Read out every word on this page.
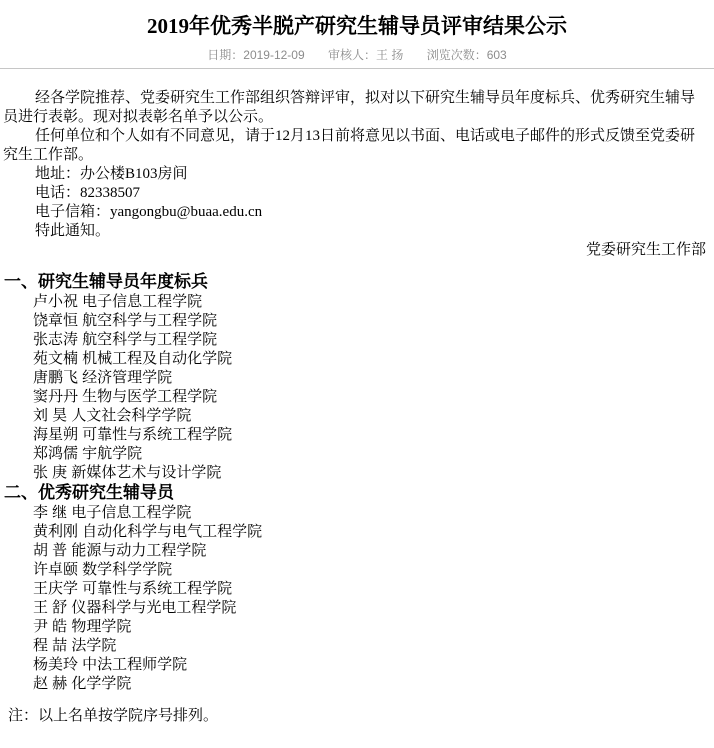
2019年优秀半脱产研究生辅导员评审结果公示
日期：2019-12-09 审核人：王 扬 浏览次数：603

经各学院推荐、党委研究生工作部组织答辩评审，拟对以下研究生辅导员年度标兵、优秀研究生辅导员进行表彰。现对拟表彰名单予以公示。

任何单位和个人如有不同意见，请于12月13日前将意见以书面、电话或电子邮件的形式反馈至党委研究生工作部。

地址：办公楼B103房间
电话：82338507
电子信箱：yangongbu@buaa.edu.cn
特此通知。
党委研究生工作部
一、研究生辅导员年度标兵
卢小祝 电子信息工程学院
饶章恒 航空科学与工程学院
张志涛 航空科学与工程学院
苑文楠 机械工程及自动化学院
唐鹏飞 经济管理学院
窦丹丹 生物与医学工程学院
刘 昊 人文社会科学学院
海星朔 可靠性与系统工程学院
郑鸿儒 宇航学院
张 庚 新媒体艺术与设计学院
二、优秀研究生辅导员
李 继 电子信息工程学院
黄利刚 自动化科学与电气工程学院
胡 普 能源与动力工程学院
许卓颐 数学科学学院
王庆学 可靠性与系统工程学院
王 舒 仪器科学与光电工程学院
尹 皓 物理学院
程 喆 法学院
杨美玲 中法工程师学院
赵 赫 化学学院
注：以上名单按学院序号排列。
